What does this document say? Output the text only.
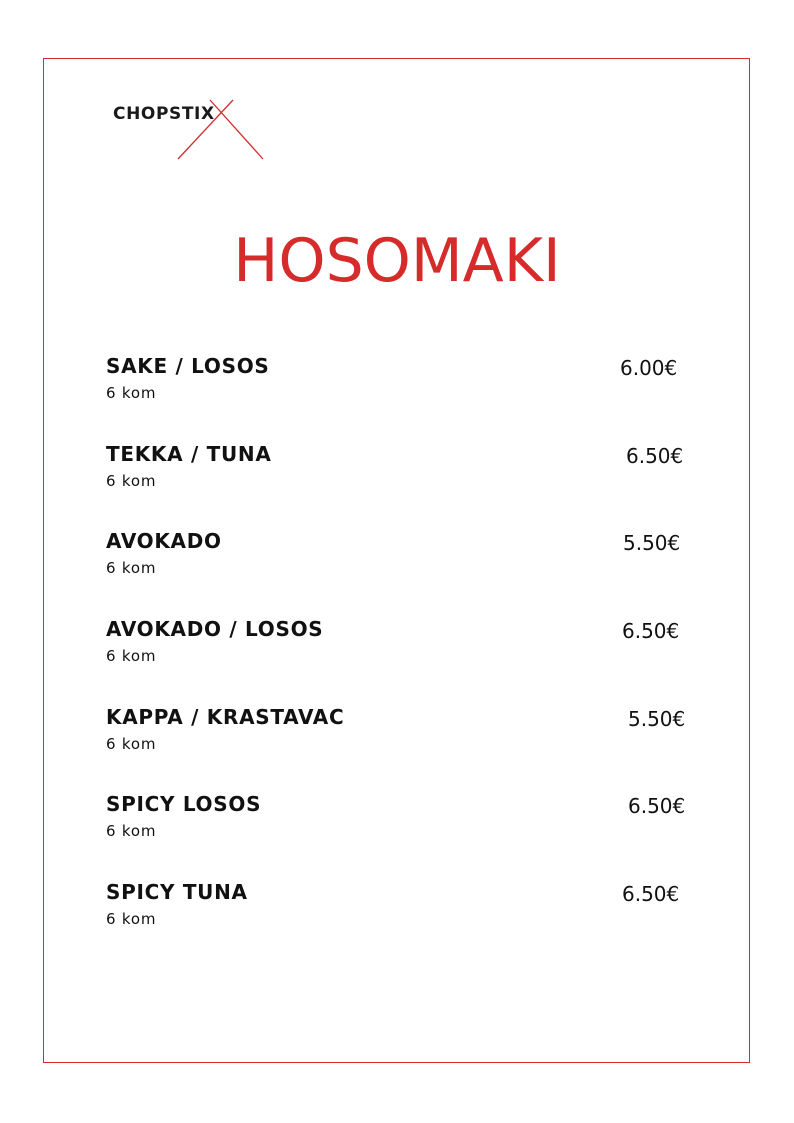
CHOPSTIX
HOSOMAKI
SAKE / LOSOS
6 kom
6.00€
TEKKA / TUNA
6 kom
6.50€
AVOKADO
6 kom
5.50€
AVOKADO / LOSOS
6 kom
6.50€
KAPPA / KRASTAVAC
6 kom
5.50€
SPICY LOSOS
6 kom
6.50€
SPICY TUNA
6 kom
6.50€
